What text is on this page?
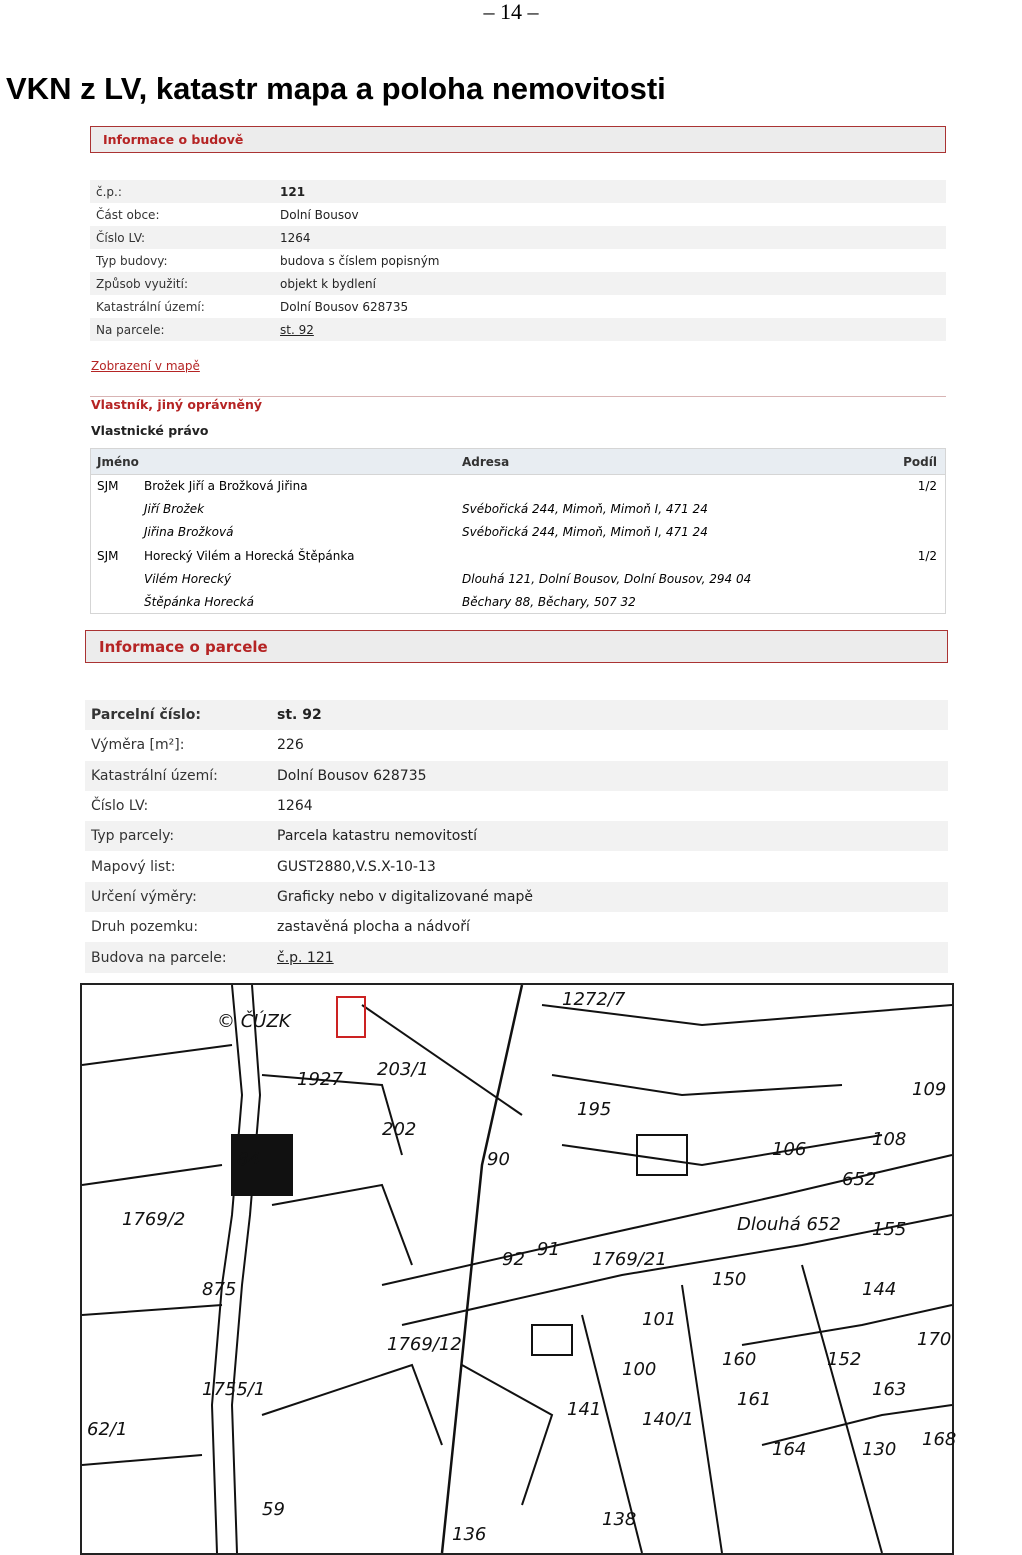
– 14 –
VKN z LV, katastr mapa a poloha nemovitosti
Informace o budově
č.p.:	121
Část obce:	Dolní Bousov
Číslo LV:	1264
Typ budovy:	budova s číslem popisným
Způsob využití:	objekt k bydlení
Katastrální území:	Dolní Bousov 628735
Na parcele:	st. 92
Zobrazení v mapě
Vlastník, jiný oprávněný
Vlastnické právo
Jméno	Adresa	Podíl
SJM Brožek Jiří a Brožková Jiřina	1/2
Jiří Brožek	Svébořická 244, Mimoň, Mimoň I, 471 24
Jiřina Brožková	Svébořická 244, Mimoň, Mimoň I, 471 24
SJM Horecký Vilém a Horecká Štěpánka	1/2
Vilém Horecký	Dlouhá 121, Dolní Bousov, Dolní Bousov, 294 04
Štěpánka Horecká	Běchary 88, Běchary, 507 32
Informace o parcele
Parcelní číslo:	st. 92
Výměra [m²]:	226
Katastrální území:	Dolní Bousov 628735
Číslo LV:	1264
Typ parcely:	Parcela katastru nemovitostí
Mapový list:	GUST2880,V.S.X-10-13
Určení výměry:	Graficky nebo v digitalizované mapě
Druh pozemku:	zastavěná plocha a nádvoří
Budova na parcele:	č.p. 121
© ČÚZK
Dlouhá 652
1927 203/1
202
195
1769/2
1769/12
1755/1
875
1272/7
84
141 140/1
160
161
164	130
138
106	108
109
652
155
144
170
59
62/1
90
91
92
100
101
150
152
163
168
1769/21
136
